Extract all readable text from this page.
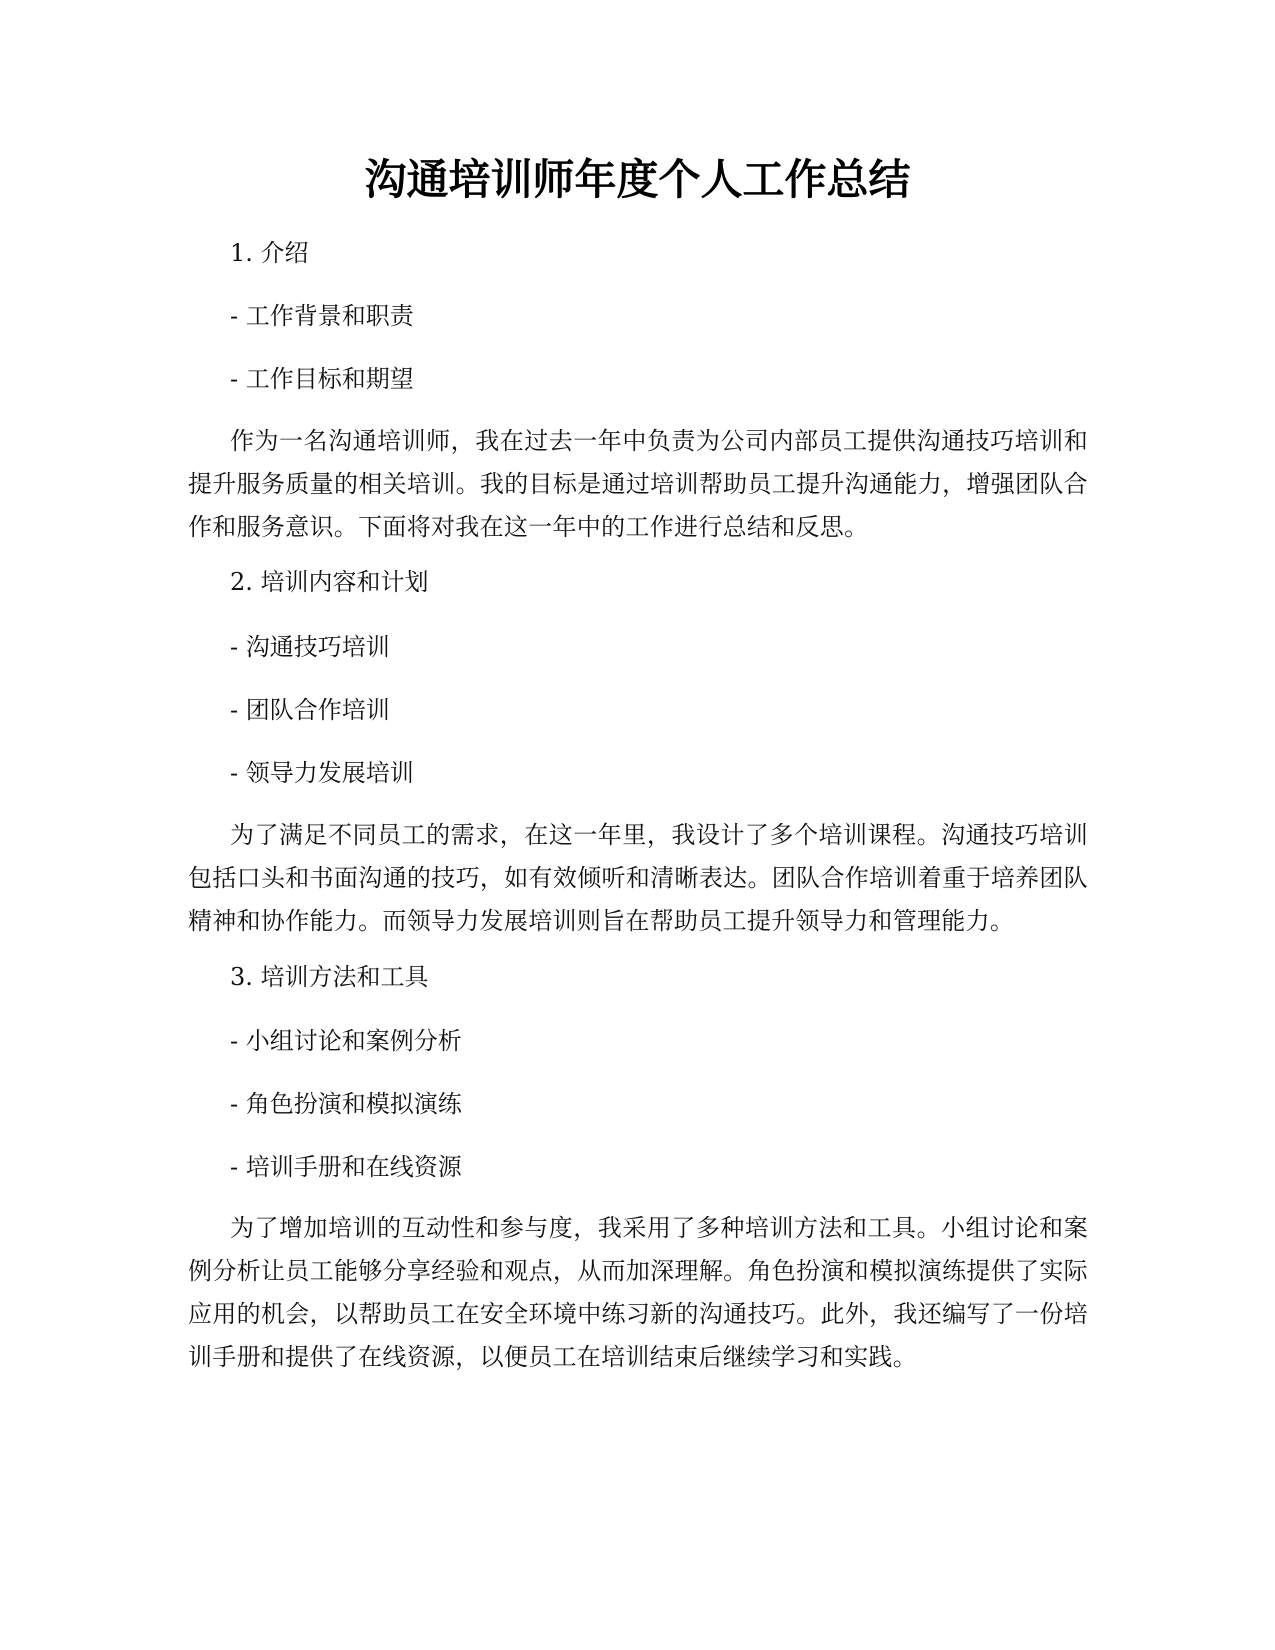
沟通培训师年度个人工作总结

1. 介绍

- 工作背景和职责

- 工作目标和期望

作为一名沟通培训师，我在过去一年中负责为公司内部员工提供沟通技巧培训和提升服务质量的相关培训。我的目标是通过培训帮助员工提升沟通能力，增强团队合作和服务意识。下面将对我在这一年中的工作进行总结和反思。

2. 培训内容和计划

- 沟通技巧培训

- 团队合作培训

- 领导力发展培训

为了满足不同员工的需求，在这一年里，我设计了多个培训课程。沟通技巧培训包括口头和书面沟通的技巧，如有效倾听和清晰表达。团队合作培训着重于培养团队精神和协作能力。而领导力发展培训则旨在帮助员工提升领导力和管理能力。

3. 培训方法和工具

- 小组讨论和案例分析

- 角色扮演和模拟演练

- 培训手册和在线资源

为了增加培训的互动性和参与度，我采用了多种培训方法和工具。小组讨论和案例分析让员工能够分享经验和观点，从而加深理解。角色扮演和模拟演练提供了实际应用的机会，以帮助员工在安全环境中练习新的沟通技巧。此外，我还编写了一份培训手册和提供了在线资源，以便员工在培训结束后继续学习和实践。
